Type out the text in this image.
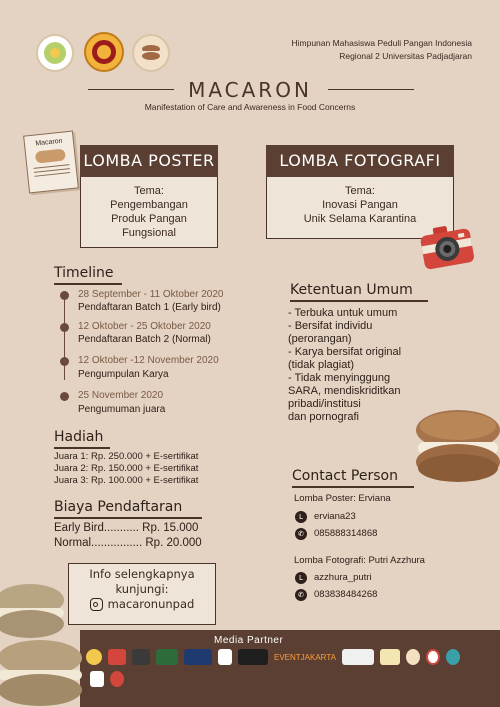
Himpunan Mahasiswa Peduli Pangan Indonesia
Regional 2 Universitas Padjadjaran
MACARON
Manifestation of Care and Awareness in Food Concerns
Macaron
LOMBA POSTER
Tema:
Pengembangan
Produk Pangan
Fungsional
LOMBA FOTOGRAFI
Tema:
Inovasi Pangan
Unik Selama Karantina
Timeline
28 September - 11 Oktober 2020
Pendaftaran Batch 1 (Early bird)
12 Oktober - 25 Oktober 2020
Pendaftaran Batch 2 (Normal)
12 Oktober -12 November 2020
Pengumpulan Karya
25 November 2020
Pengumuman juara
Hadiah
Juara 1: Rp. 250.000 + E-sertifikat
Juara 2: Rp. 150.000 + E-sertifikat
Juara 3: Rp. 100.000 + E-sertifikat
Biaya Pendaftaran
Early Bird........... Rp. 15.000
Normal................ Rp. 20.000
Info selengkapnya
kunjungi:
macaronunpad
Ketentuan Umum
- Terbuka untuk umum
- Bersifat individu
(perorangan)
- Karya bersifat original
(tidak plagiat)
- Tidak menyinggung
SARA, mendiskriditkan
pribadi/institusi
dan pornografi
Contact Person
Lomba Poster: Erviana
L	erviana23
✆	085888314868
Lomba Fotografi: Putri Azzhura
L	azzhura_putri
✆	083838484268
Media Partner
EVENTJAKARTA
